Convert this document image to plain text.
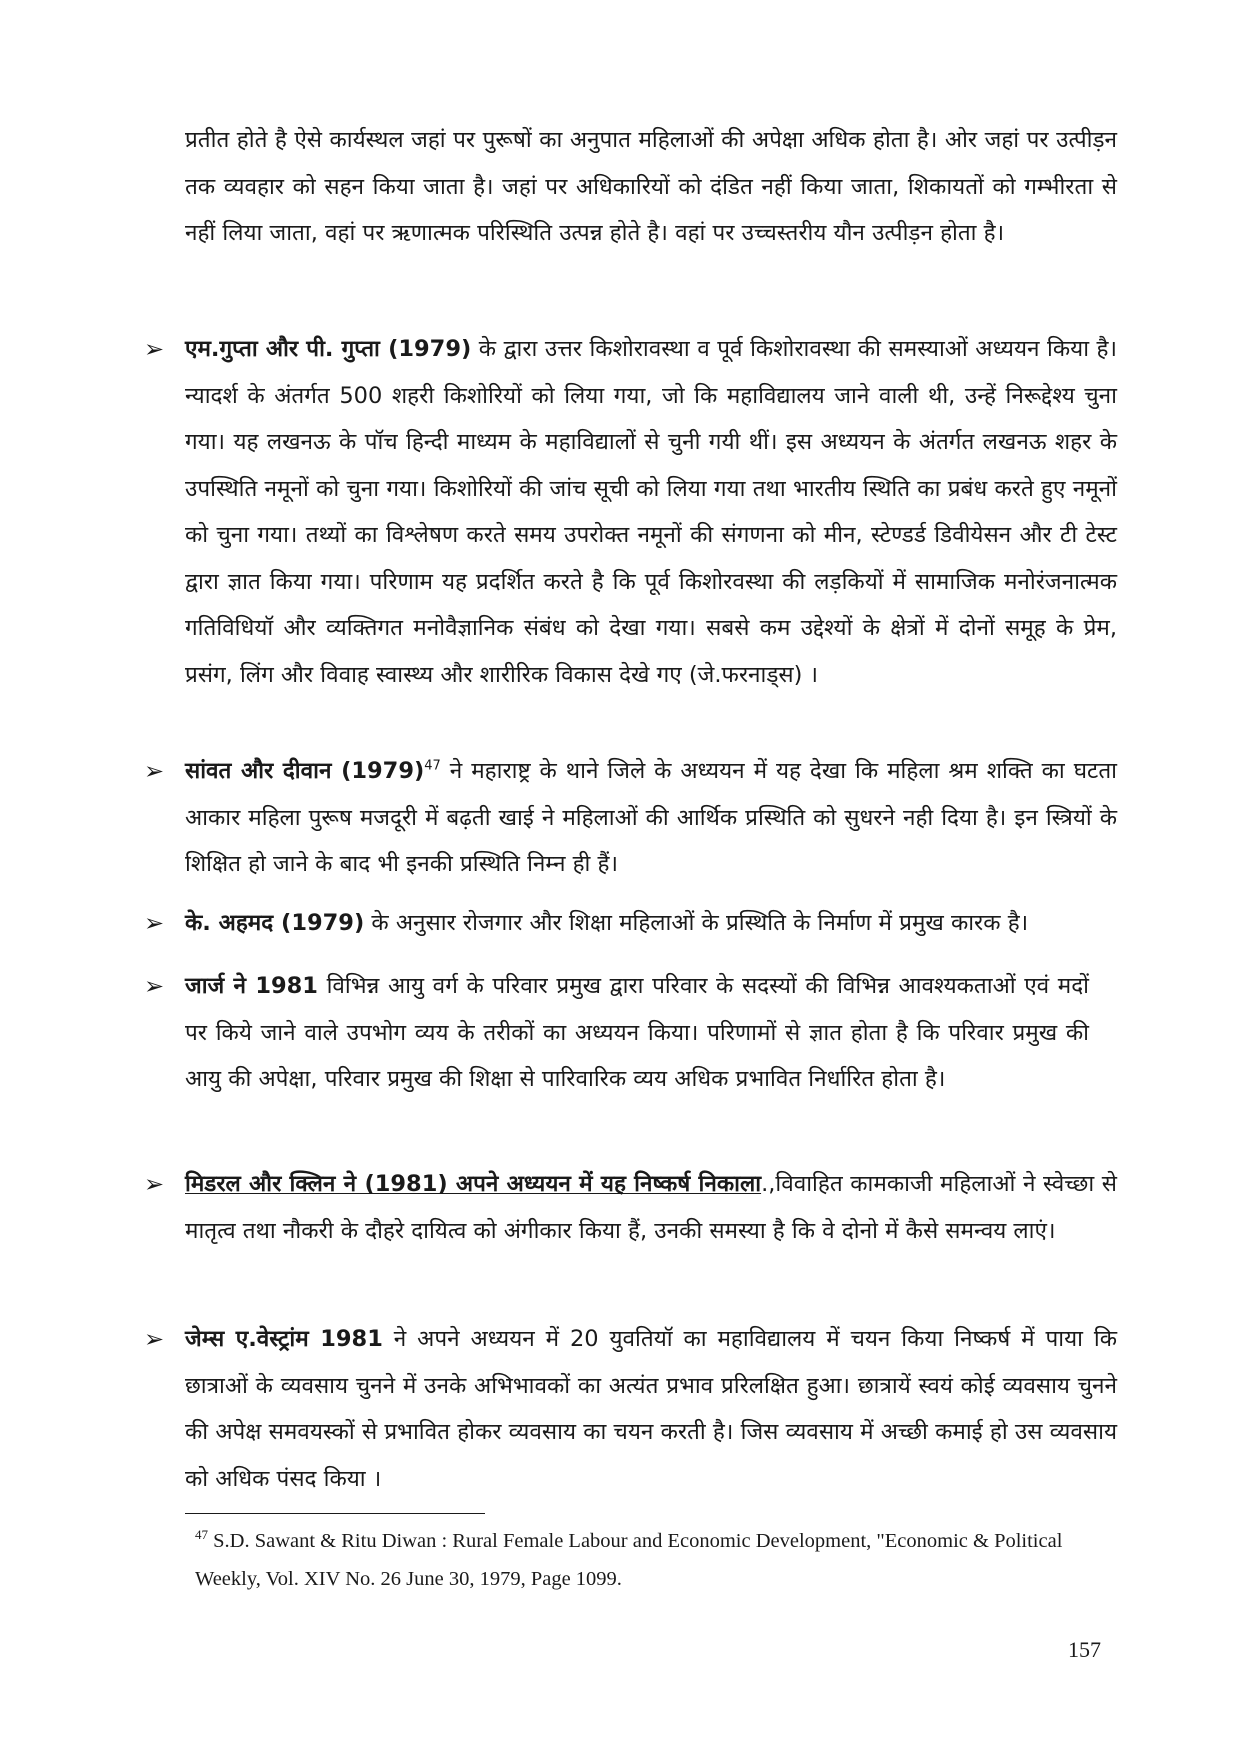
प्रतीत होते है ऐसे कार्यस्थल जहां पर पुरूषों का अनुपात महिलाओं की अपेक्षा अधिक होता है। ओर जहां पर उत्पीड़न तक व्यवहार को सहन किया जाता है। जहां पर अधिकारियों को दंडित नहीं किया जाता, शिकायतों को गम्भीरता से नहीं लिया जाता, वहां पर ऋणात्मक परिस्थिति उत्पन्न होते है। वहां पर उच्चस्तरीय यौन उत्पीड़न होता है।

➢ एम.गुप्ता और पी. गुप्ता (1979) के द्वारा उत्तर किशोरावस्था व पूर्व किशोरावस्था की समस्याओं अध्ययन किया है। न्यादर्श के अंतर्गत 500 शहरी किशोरियों को लिया गया, जो कि महाविद्यालय जाने वाली थी, उन्हें निरूद्देश्य चुना गया। यह लखनऊ के पॉच हिन्दी माध्यम के महाविद्यालों से चुनी गयी थीं। इस अध्ययन के अंतर्गत लखनऊ शहर के उपस्थिति नमूनों को चुना गया। किशोरियों की जांच सूची को लिया गया तथा भारतीय स्थिति का प्रबंध करते हुए नमूनों को चुना गया। तथ्यों का विश्लेषण करते समय उपरोक्त नमूनों की संगणना को मीन, स्टेण्डर्ड डिवीयेसन और टी टेस्ट द्वारा ज्ञात किया गया। परिणाम यह प्रदर्शित करते है कि पूर्व किशोरवस्था की लड़कियों में सामाजिक मनोरंजनात्मक गतिविधियॉ और व्यक्तिगत मनोवैज्ञानिक संबंध को देखा गया। सबसे कम उद्देश्यों के क्षेत्रों में दोनों समूह के प्रेम, प्रसंग, लिंग और विवाह स्वास्थ्य और शारीरिक विकास देखे गए (जे.फरनाड्स) ।

➢ सांवत और दीवान $(1979)^{47}$ ने महाराष्ट्र के थाने जिले के अध्ययन में यह देखा कि महिला श्रम शक्ति का घटता आकार महिला पुरूष मजदूरी में बढ़ती खाई ने महिलाओं की आर्थिक प्रस्थिति को सुधरने नही दिया है। इन स्त्रियों के शिक्षित हो जाने के बाद भी इनकी प्रस्थिति निम्न ही हैं।

➢ के. अहमद (1979) के अनुसार रोजगार और शिक्षा महिलाओं के प्रस्थिति के निर्माण में प्रमुख कारक है।

➢ जार्ज ने 1981 विभिन्न आयु वर्ग के परिवार प्रमुख द्वारा परिवार के सदस्यों की विभिन्न आवश्यकताओं एवं मदों पर किये जाने वाले उपभोग व्यय के तरीकों का अध्ययन किया। परिणामों से ज्ञात होता है कि परिवार प्रमुख की आयु की अपेक्षा, परिवार प्रमुख की शिक्षा से पारिवारिक व्यय अधिक प्रभावित निर्धारित होता है।

➢ मिडरल और क्लिन ने (1981) अपने अध्ययन में यह निष्कर्ष निकाला.,विवाहित कामकाजी महिलाओं ने स्वेच्छा से मातृत्व तथा नौकरी के दौहरे दायित्व को अंगीकार किया हैं, उनकी समस्या है कि वे दोनो में कैसे समन्वय लाएं।

➢ जेम्स ए.वेस्ट्रांम 1981 ने अपने अध्ययन में 20 युवतियॉ का महाविद्यालय में चयन किया निष्कर्ष में पाया कि छात्राओं के व्यवसाय चुनने में उनके अभिभावकों का अत्यंत प्रभाव प्ररिलक्षित हुआ। छात्रायें स्वयं कोई व्यवसाय चुनने की अपेक्ष समवयस्कों से प्रभावित होकर व्यवसाय का चयन करती है। जिस व्यवसाय में अच्छी कमाई हो उस व्यवसाय को अधिक पंसद किया ।

$^{47}$ S.D. Sawant & Ritu Diwan : Rural Female Labour and Economic Development, "Economic & Political Weekly, Vol. XIV No. 26 June 30, 1979, Page 1099.
157
